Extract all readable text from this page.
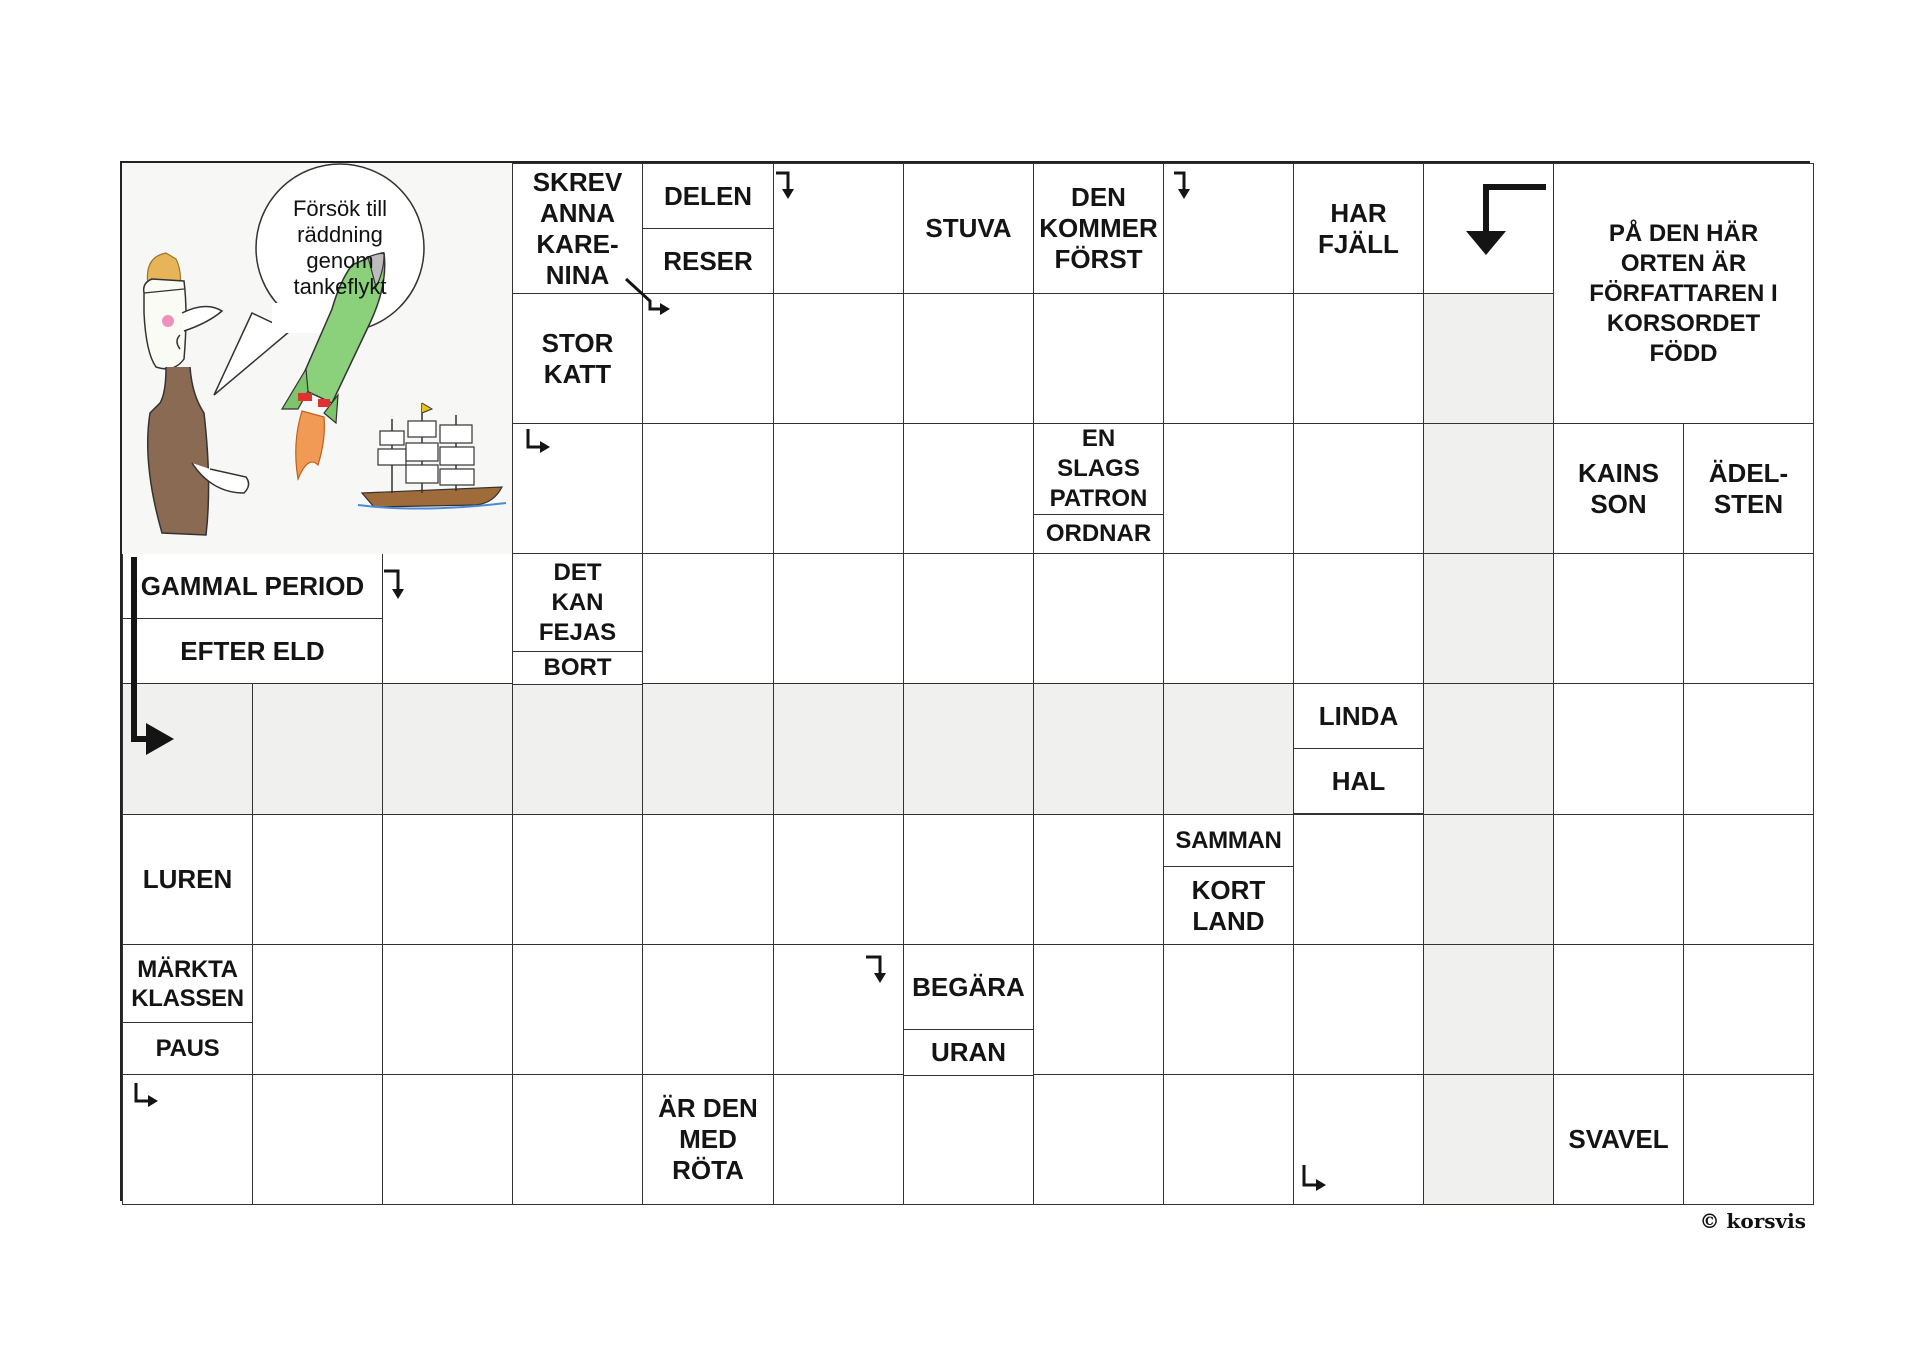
SKREV
ANNA
KARE-
NINA
DELEN
RESER
STUVA
DEN
KOMMER
FÖRST
HAR
FJÄLL	PÅ DEN HÄR
ORTEN ÄR
FÖRFATTAREN I
KORSORDET
FÖDD
STOR
KATT
EN
SLAGS
PATRON
ORDNAR
KAINS
SON
ÄDEL-
STEN
GAMMAL PERIOD
EFTER ELD
DET
KAN
FEJAS
BORT
LINDA
HAL
LUREN
SAMMAN
KORT
LAND
MÄRKTA
KLASSEN
PAUS
BEGÄRA
URAN
ÄR DEN
MED
RÖTA
SVAVEL
Försök till
räddning
genom
tankeflykt
© korsvis
